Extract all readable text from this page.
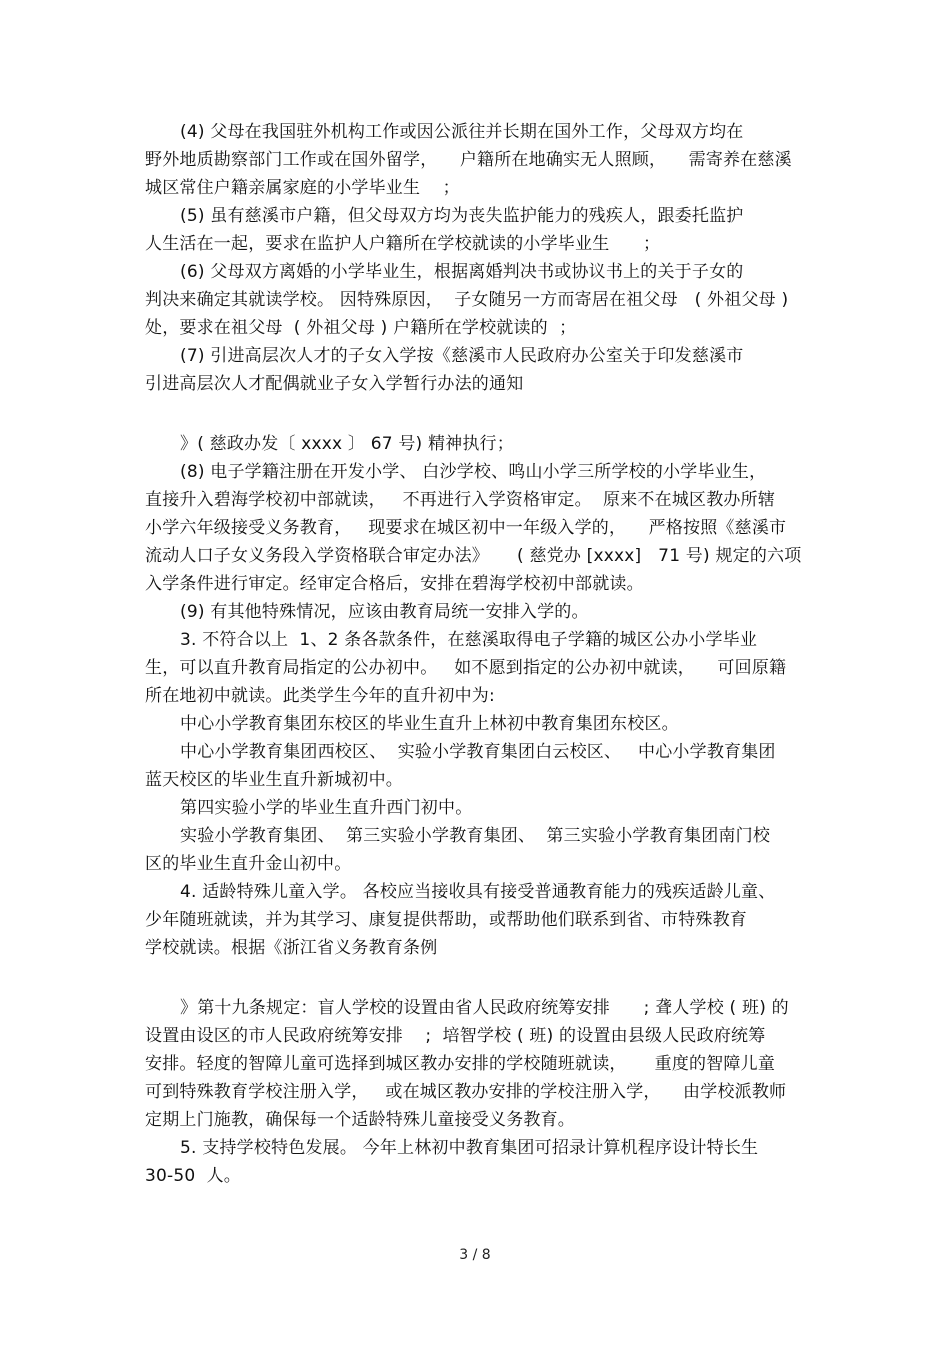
(4) 父母在我国驻外机构工作或因公派往并长期在国外工作，父母双方均在
野外地质勘察部门工作或在国外留学，    户籍所在地确实无人照顾，    需寄养在慈溪
城区常住户籍亲属家庭的小学毕业生    ；
(5) 虽有慈溪市户籍，但父母双方均为丧失监护能力的残疾人，跟委托监护
人生活在一起，要求在监护人户籍所在学校就读的小学毕业生      ；
(6) 父母双方离婚的小学毕业生，根据离婚判决书或协议书上的关于子女的
判决来确定其就读学校。 因特殊原因，  子女随另一方而寄居在祖父母   ( 外祖父母 )
处，要求在祖父母  ( 外祖父母 ) 户籍所在学校就读的  ；
(7) 引进高层次人才的子女入学按《慈溪市人民政府办公室关于印发慈溪市
引进高层次人才配偶就业子女入学暂行办法的通知
》( 慈政办发〔 xxxx 〕 67 号) 精神执行；
(8) 电子学籍注册在开发小学、 白沙学校、鸣山小学三所学校的小学毕业生，
直接升入碧海学校初中部就读，   不再进行入学资格审定。  原来不在城区教办所辖
小学六年级接受义务教育，   现要求在城区初中一年级入学的，    严格按照《慈溪市
流动人口子女义务段入学资格联合审定办法》     ( 慈党办 [xxxx]   71 号) 规定的六项
入学条件进行审定。经审定合格后，安排在碧海学校初中部就读。
(9) 有其他特殊情况，应该由教育局统一安排入学的。
3. 不符合以上  1、2 条各款条件，在慈溪取得电子学籍的城区公办小学毕业
生，可以直升教育局指定的公办初中。   如不愿到指定的公办初中就读，    可回原籍
所在地初中就读。此类学生今年的直升初中为:
中心小学教育集团东校区的毕业生直升上林初中教育集团东校区。
中心小学教育集团西校区、  实验小学教育集团白云校区、   中心小学教育集团
蓝天校区的毕业生直升新城初中。
第四实验小学的毕业生直升西门初中。
实验小学教育集团、  第三实验小学教育集团、  第三实验小学教育集团南门校
区的毕业生直升金山初中。
4. 适龄特殊儿童入学。 各校应当接收具有接受普通教育能力的残疾适龄儿童、
少年随班就读，并为其学习、康复提供帮助，或帮助他们联系到省、市特殊教育
学校就读。根据《浙江省义务教育条例
》第十九条规定：盲人学校的设置由省人民政府统筹安排      ; 聋人学校 ( 班) 的
设置由设区的市人民政府统筹安排    ;  培智学校 ( 班) 的设置由县级人民政府统筹
安排。轻度的智障儿童可选择到城区教办安排的学校随班就读，     重度的智障儿童
可到特殊教育学校注册入学，   或在城区教办安排的学校注册入学，    由学校派教师
定期上门施教，确保每一个适龄特殊儿童接受义务教育。
5. 支持学校特色发展。 今年上林初中教育集团可招录计算机程序设计特长生
30-50  人。
3 / 8
